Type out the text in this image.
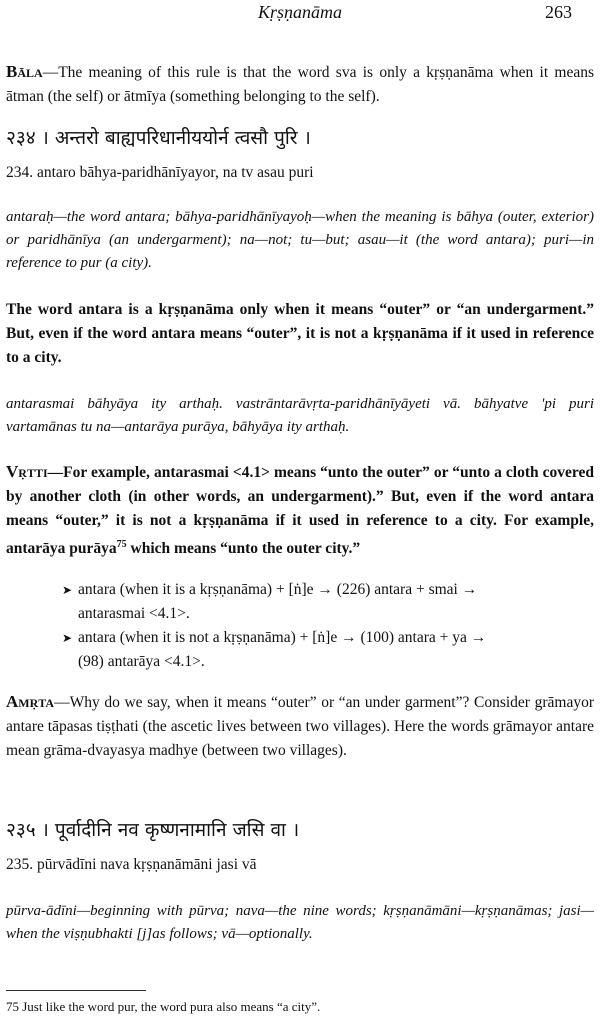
Kṛṣṇanāma	263

Bāla—The meaning of this rule is that the word sva is only a kṛṣṇanāma when it means ātman (the self) or ātmīya (something belonging to the self).

२३४ । अन्तरो बाह्यपरिधानीययोर्न त्वसौ पुरि ।
234. antaro bāhya-paridhānīyayor, na tv asau puri
antaraḥ—the word antara; bāhya-paridhānīyayoḥ—when the meaning is bāhya (outer, exterior) or paridhānīya (an undergarment); na—not; tu—but; asau—it (the word antara); puri—in reference to pur (a city).
The word antara is a kṛṣṇanāma only when it means “outer” or “an undergarment.” But, even if the word antara means “outer”, it is not a kṛṣṇanāma if it used in reference to a city.
antarasmai bāhyāya ity arthaḥ. vastrāntarāvṛta-paridhānīyāyeti vā. bāhyatve 'pi puri vartamānas tu na—antarāya purāya, bāhyāya ity arthaḥ.

Vṛtti—For example, antarasmai <4.1> means “unto the outer” or “unto a cloth covered by another cloth (in other words, an undergarment).” But, even if the word antara means “outer,” it is not a kṛṣṇanāma if it used in reference to a city. For example, antarāya purāya$^{75}$ which means “unto the outer city.”

➤ antara (when it is a kṛṣṇanāma) + [ṅ]e → (226) antara + smai →
antarasmai <4.1>.
➤ antara (when it is not a kṛṣṇanāma) + [ṅ]e → (100) antara + ya →
(98) antarāya <4.1>.

Amṛta—Why do we say, when it means “outer” or “an under garment”? Consider grāmayor antare tāpasas tiṣṭhati (the ascetic lives between two villages). Here the words grāmayor antare mean grāma-dvayasya madhye (between two villages).

२३५ । पूर्वादीनि नव कृष्णनामानि जसि वा ।
235. pūrvādīni nava kṛṣṇanāmāni jasi vā
pūrva-ādīni—beginning with pūrva; nava—the nine words; kṛṣṇanāmāni—kṛṣṇanāmas; jasi—when the viṣṇubhakti [j]as follows; vā—optionally.
75 Just like the word pur, the word pura also means “a city”.
